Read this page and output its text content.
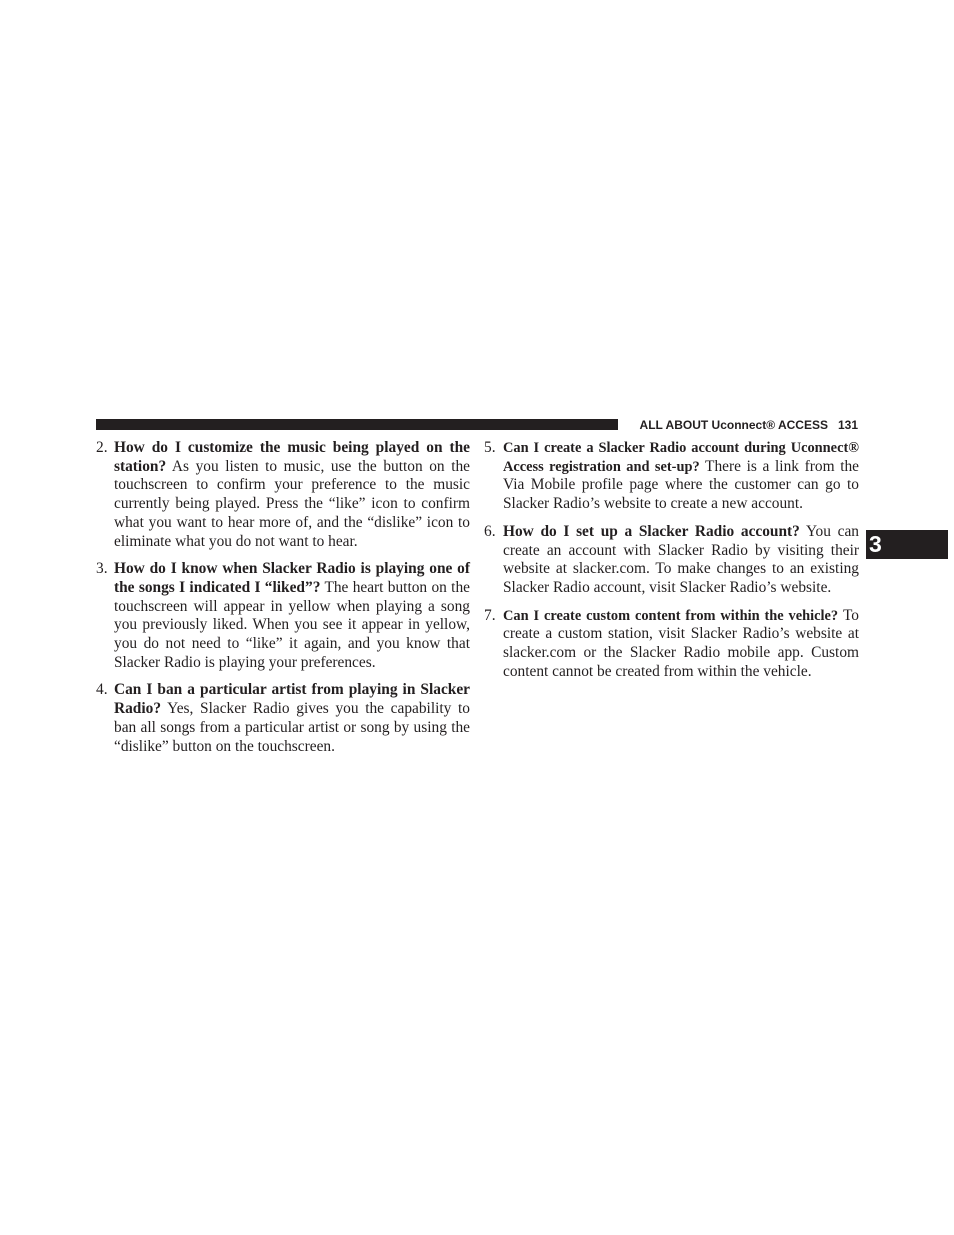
ALL ABOUT Uconnect® ACCESS 131
3
2. How do I customize the music being played on the station? As you listen to music, use the button on the touchscreen to confirm your preference to the music currently being played. Press the “like” icon to confirm what you want to hear more of, and the “dislike” icon to eliminate what you do not want to hear.
3. How do I know when Slacker Radio is playing one of the songs I indicated I “liked”? The heart button on the touchscreen will appear in yellow when playing a song you previously liked. When you see it appear in yellow, you do not need to “like” it again, and you know that Slacker Radio is playing your preferences.
4. Can I ban a particular artist from playing in Slacker Radio? Yes, Slacker Radio gives you the capability to ban all songs from a particular artist or song by using the “dislike” button on the touchscreen.
5. Can I create a Slacker Radio account during Uconnect® Access registration and set-up? There is a link from the Via Mobile profile page where the customer can go to Slacker Radio’s website to create a new account.
6. How do I set up a Slacker Radio account? You can create an account with Slacker Radio by visiting their website at slacker.com. To make changes to an existing Slacker Radio account, visit Slacker Radio’s website.
7. Can I create custom content from within the vehicle? To create a custom station, visit Slacker Radio’s website at slacker.com or the Slacker Radio mobile app. Custom content cannot be created from within the vehicle.
